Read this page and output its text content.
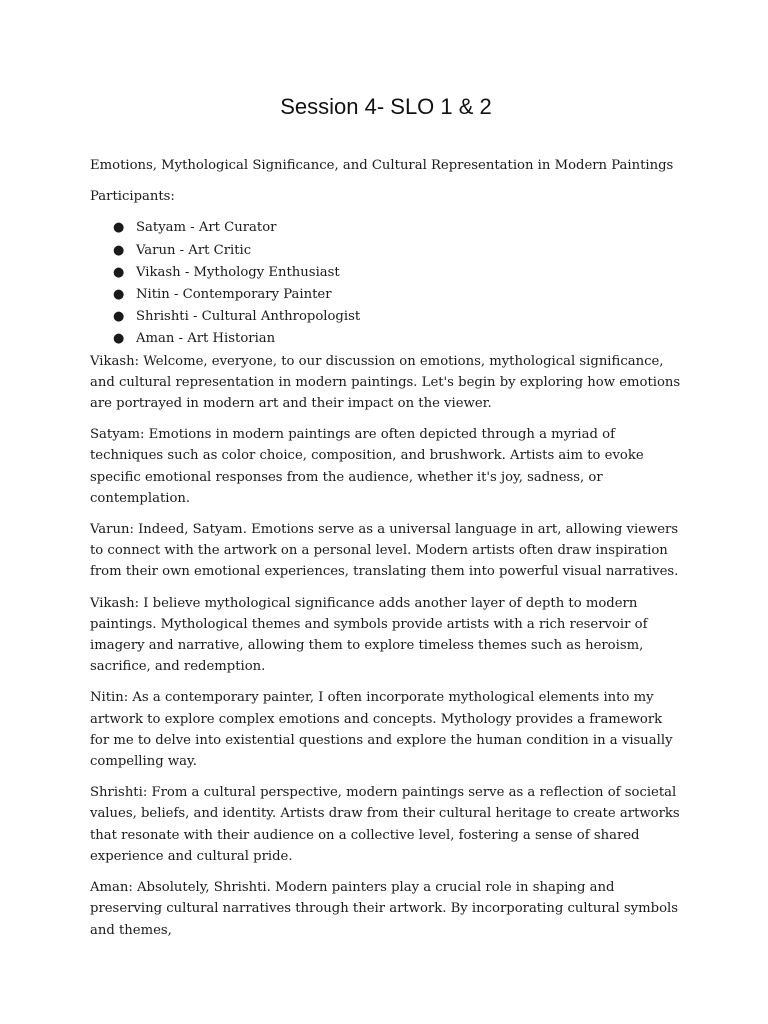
Session 4- SLO 1 & 2

Emotions, Mythological Significance, and Cultural Representation in Modern Paintings

Participants:

● Satyam - Art Curator
● Varun - Art Critic
● Vikash - Mythology Enthusiast
● Nitin - Contemporary Painter
● Shrishti - Cultural Anthropologist
● Aman - Art Historian

Vikash: Welcome, everyone, to our discussion on emotions, mythological significance, and cultural representation in modern paintings. Let's begin by exploring how emotions are portrayed in modern art and their impact on the viewer.

Satyam: Emotions in modern paintings are often depicted through a myriad of techniques such as color choice, composition, and brushwork. Artists aim to evoke specific emotional responses from the audience, whether it's joy, sadness, or contemplation.

Varun: Indeed, Satyam. Emotions serve as a universal language in art, allowing viewers to connect with the artwork on a personal level. Modern artists often draw inspiration from their own emotional experiences, translating them into powerful visual narratives.

Vikash: I believe mythological significance adds another layer of depth to modern paintings. Mythological themes and symbols provide artists with a rich reservoir of imagery and narrative, allowing them to explore timeless themes such as heroism, sacrifice, and redemption.

Nitin: As a contemporary painter, I often incorporate mythological elements into my artwork to explore complex emotions and concepts. Mythology provides a framework for me to delve into existential questions and explore the human condition in a visually compelling way.

Shrishti: From a cultural perspective, modern paintings serve as a reflection of societal values, beliefs, and identity. Artists draw from their cultural heritage to create artworks that resonate with their audience on a collective level, fostering a sense of shared experience and cultural pride.

Aman: Absolutely, Shrishti. Modern painters play a crucial role in shaping and preserving cultural narratives through their artwork. By incorporating cultural symbols and themes,
